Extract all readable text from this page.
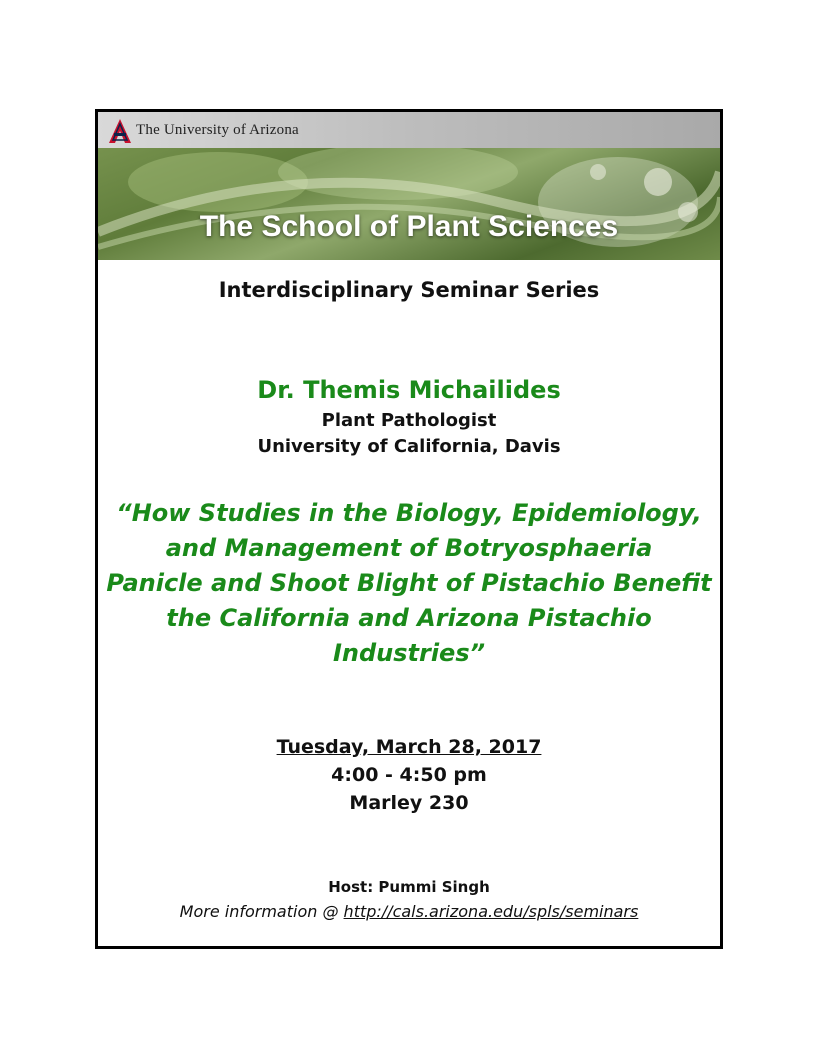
The University of Arizona
The School of Plant Sciences
Interdisciplinary Seminar Series
Dr. Themis Michailides
Plant Pathologist
University of California, Davis
“How Studies in the Biology, Epidemiology,
and Management of Botryosphaeria
Panicle and Shoot Blight of Pistachio Benefit
the California and Arizona Pistachio
Industries”
Tuesday, March 28, 2017
4:00 - 4:50 pm
Marley 230
Host: Pummi Singh
More information @ http://cals.arizona.edu/spls/seminars
